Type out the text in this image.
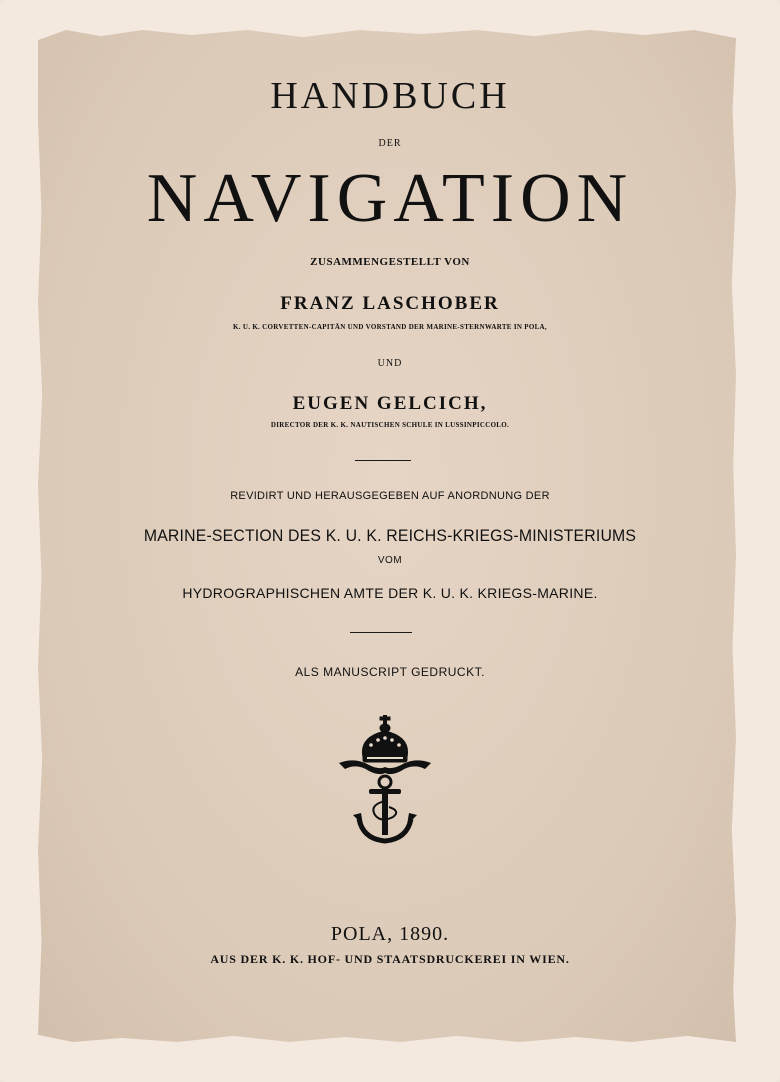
HANDBUCH
DER
NAVIGATION
ZUSAMMENGESTELLT VON
FRANZ LASCHOBER
K. U. K. CORVETTEN-CAPITÄN UND VORSTAND DER MARINE-STERNWARTE IN POLA,
UND
EUGEN GELCICH,
DIRECTOR DER K. K. NAUTISCHEN SCHULE IN LUSSINPICCOLO.
REVIDIRT UND HERAUSGEGEBEN AUF ANORDNUNG DER
MARINE-SECTION DES K. U. K. REICHS-KRIEGS-MINISTERIUMS
VOM
HYDROGRAPHISCHEN AMTE DER K. U. K. KRIEGS-MARINE.
ALS MANUSCRIPT GEDRUCKT.
POLA, 1890.
AUS DER K. K. HOF- UND STAATSDRUCKEREI IN WIEN.
